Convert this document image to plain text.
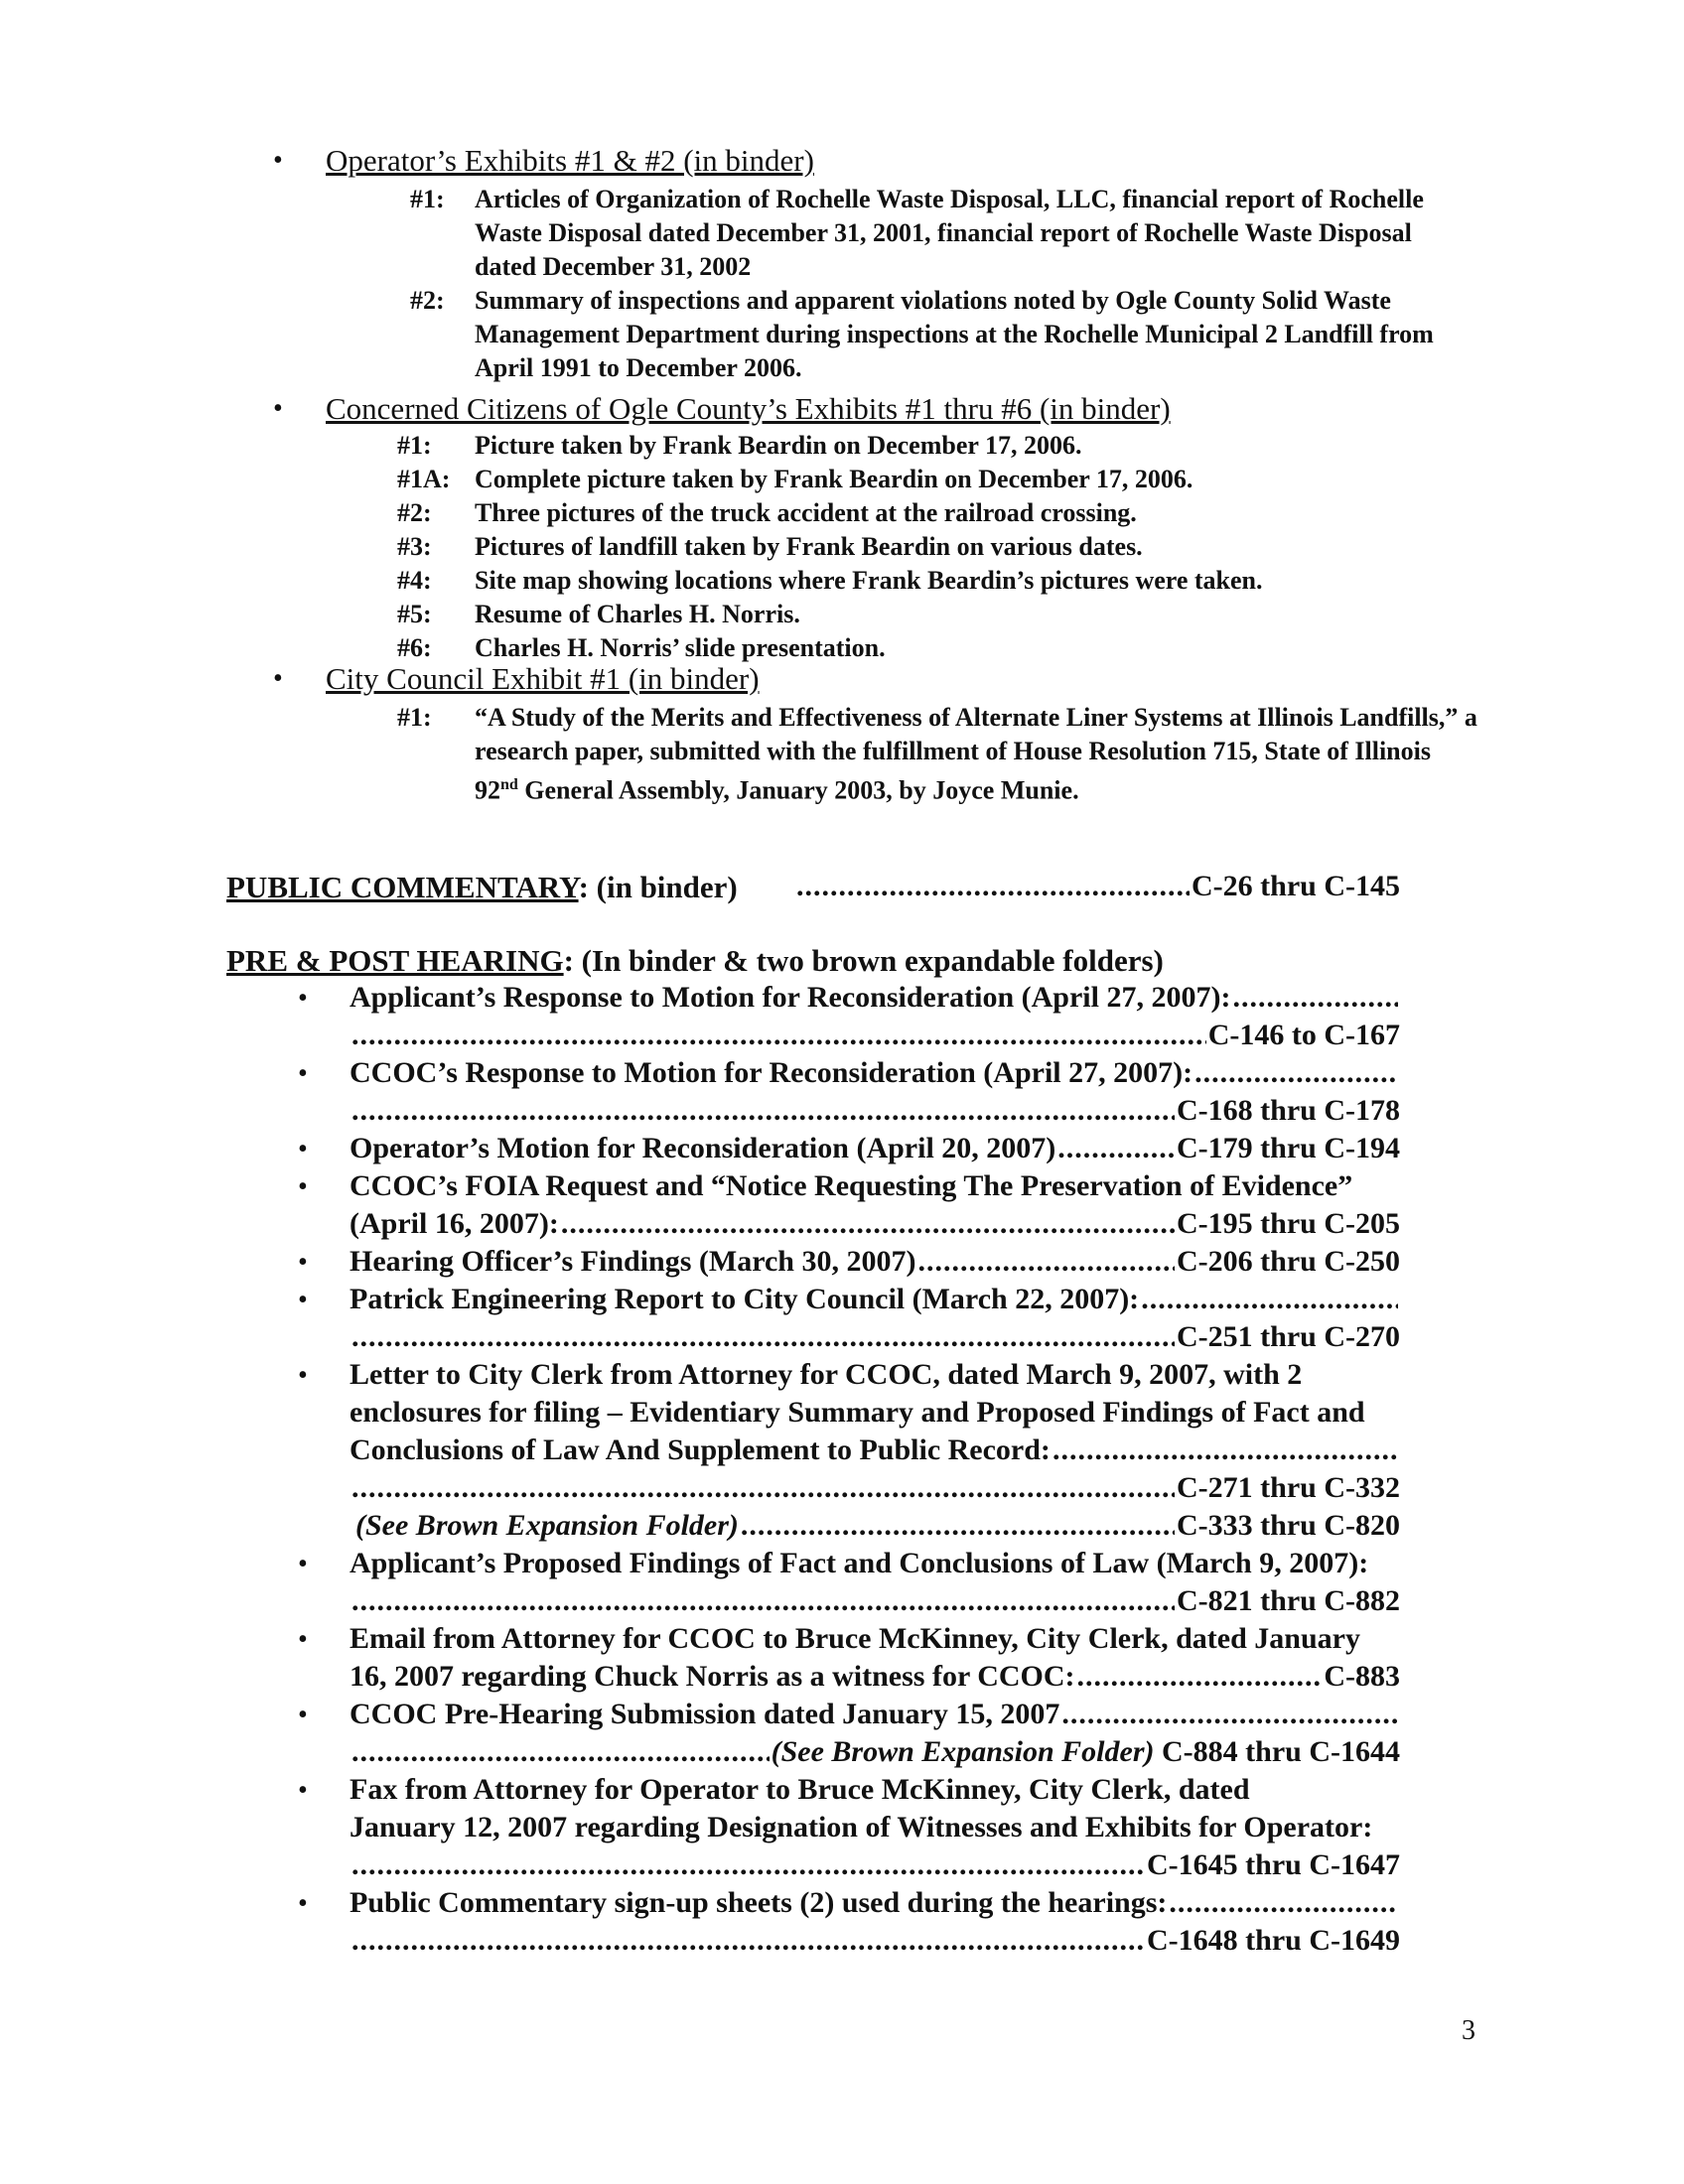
• Operator’s Exhibits #1 & #2 (in binder)
#1: Articles of Organization of Rochelle Waste Disposal, LLC, financial report of Rochelle Waste Disposal dated December 31, 2001, financial report of Rochelle Waste Disposal dated December 31, 2002
#2: Summary of inspections and apparent violations noted by Ogle County Solid Waste Management Department during inspections at the Rochelle Municipal 2 Landfill from April 1991 to December 2006.
• Concerned Citizens of Ogle County’s Exhibits #1 thru #6 (in binder)
#1: Picture taken by Frank Beardin on December 17, 2006.
#1A: Complete picture taken by Frank Beardin on December 17, 2006.
#2: Three pictures of the truck accident at the railroad crossing.
#3: Pictures of landfill taken by Frank Beardin on various dates.
#4: Site map showing locations where Frank Beardin’s pictures were taken.
#5: Resume of Charles H. Norris.
#6: Charles H. Norris’ slide presentation.
• City Council Exhibit #1 (in binder)
#1: “A Study of the Merits and Effectiveness of Alternate Liner Systems at Illinois Landfills,” a research paper, submitted with the fulfillment of House Resolution 715, State of Illinois 92nd General Assembly, January 2003, by Joyce Munie.
PUBLIC COMMENTARY: (in binder) .....	C-26 thru C-145
PRE & POST HEARING: (In binder & two brown expandable folders)
• Applicant’s Response to Motion for Reconsideration (April 27, 2007):
.....
.....
C-146 to C-167
• CCOC’s Response to Motion for Reconsideration (April 27, 2007):
.....
.....
C-168 thru C-178
• Operator’s Motion for Reconsideration (April 20, 2007) .....	C-179 thru C-194
• CCOC’s FOIA Request and “Notice Requesting The Preservation of Evidence”
(April 16, 2007): .....	C-195 thru C-205
• Hearing Officer’s Findings (March 30, 2007) .....	C-206 thru C-250
• Patrick Engineering Report to City Council (March 22, 2007):
.....
.....
C-251 thru C-270
• Letter to City Clerk from Attorney for CCOC, dated March 9, 2007, with 2
enclosures for filing – Evidentiary Summary and Proposed Findings of Fact and
Conclusions of Law And Supplement to Public Record:
.....
.....
C-271 thru C-332
(See Brown Expansion Folder) .....	C-333 thru C-820
• Applicant’s Proposed Findings of Fact and Conclusions of Law (March 9, 2007):
.....
C-821 thru C-882
• Email from Attorney for CCOC to Bruce McKinney, City Clerk, dated January
16, 2007 regarding Chuck Norris as a witness for CCOC: .....	C-883
• CCOC Pre-Hearing Submission dated January 15, 2007
.....
.....
(See Brown Expansion Folder)
C-884 thru C-1644
• Fax from Attorney for Operator to Bruce McKinney, City Clerk, dated
January 12, 2007 regarding Designation of Witnesses and Exhibits for Operator:
.....
C-1645 thru C-1647
• Public Commentary sign-up sheets (2) used during the hearings:
.....
.....
C-1648 thru C-1649
3
